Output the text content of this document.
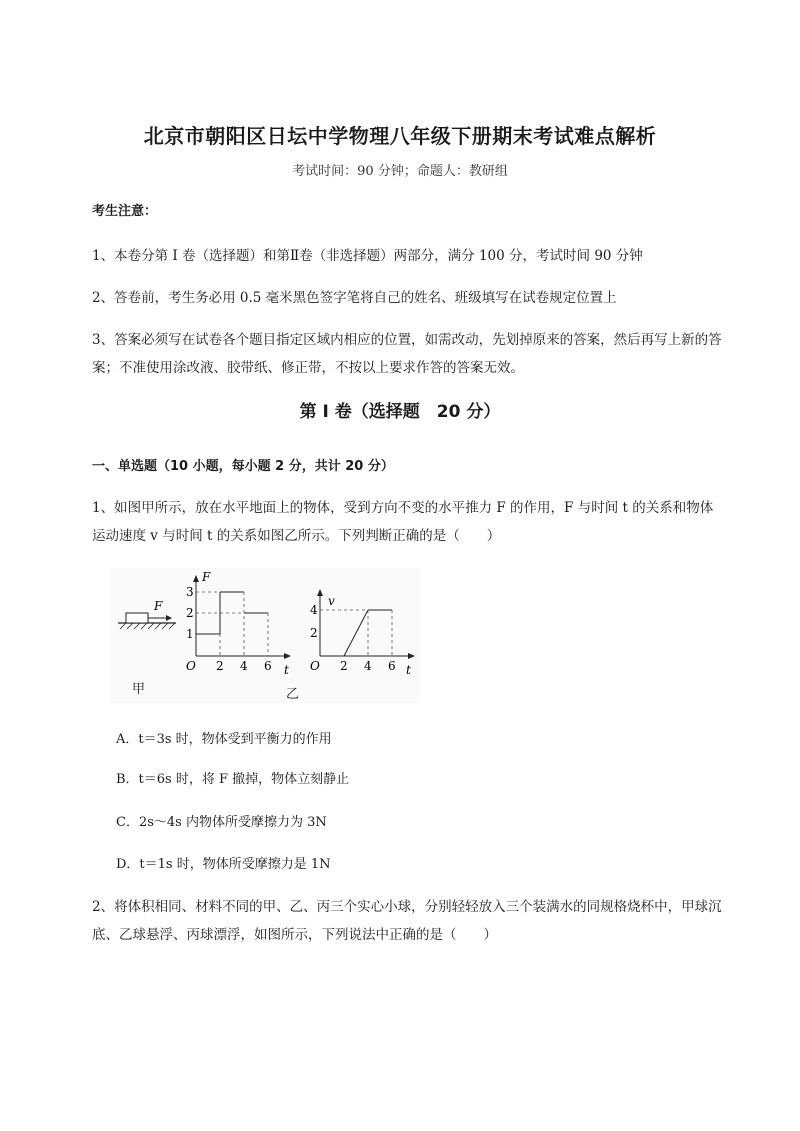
北京市朝阳区日坛中学物理八年级下册期末考试难点解析
考试时间：90 分钟；命题人：教研组
考生注意：
1、本卷分第 I 卷（选择题）和第Ⅱ卷（非选择题）两部分，满分 100 分，考试时间 90 分钟
2、答卷前，考生务必用 0.5 毫米黑色签字笔将自己的姓名、班级填写在试卷规定位置上
3、答案必须写在试卷各个题目指定区域内相应的位置，如需改动，先划掉原来的答案，然后再写上新的答案；不准使用涂改液、胶带纸、修正带，不按以上要求作答的答案无效。
第 I 卷（选择题　20 分）
一、单选题（10 小题，每小题 2 分，共计 20 分）
1、如图甲所示，放在水平地面上的物体，受到方向不变的水平推力 F 的作用，F 与时间 t 的关系和物体运动速度 v 与时间 t 的关系如图乙所示。下列判断正确的是（　　）
F
F
1
2
3
O 2 4 6 t
v
4
2
O 2 4 6 t
甲	乙
A．t＝3s 时，物体受到平衡力的作用
B．t＝6s 时，将 F 撤掉，物体立刻静止
C．2s～4s 内物体所受摩擦力为 3N
D．t＝1s 时，物体所受摩擦力是 1N
2、将体积相同、材料不同的甲、乙、丙三个实心小球，分别轻轻放入三个装满水的同规格烧杯中，甲球沉底、乙球悬浮、丙球漂浮，如图所示，下列说法中正确的是（　　）
